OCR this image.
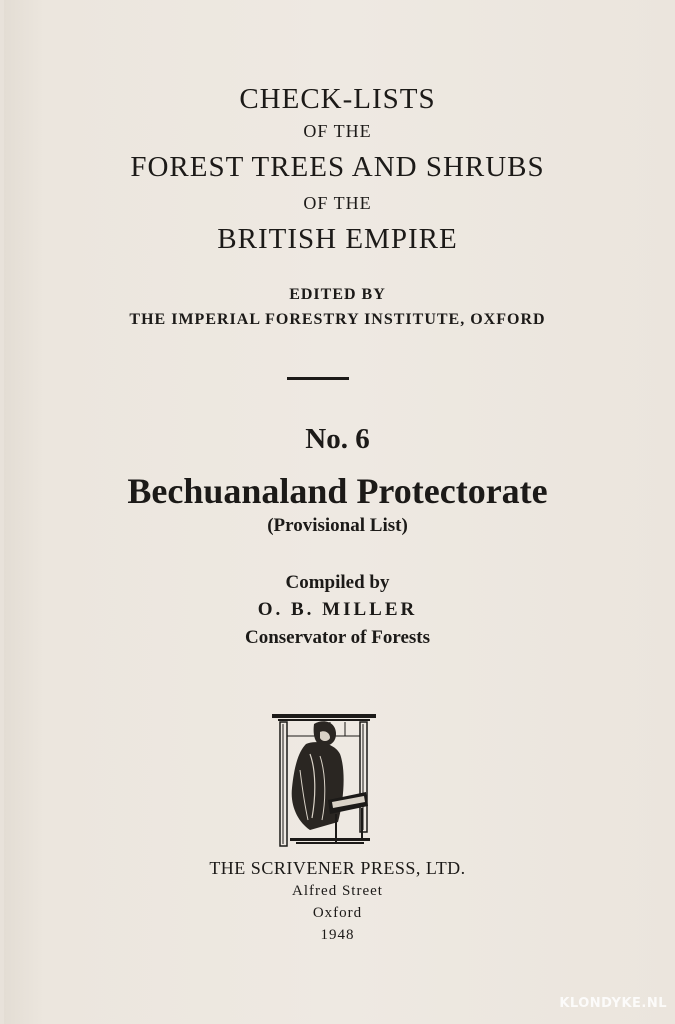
CHECK-LISTS
OF THE
FOREST TREES AND SHRUBS
OF THE
BRITISH EMPIRE
EDITED BY
THE IMPERIAL FORESTRY INSTITUTE, OXFORD
No. 6
Bechuanaland Protectorate
(Provisional List)
Compiled by
O. B. MILLER
Conservator of Forests
THE SCRIVENER PRESS, LTD.
Alfred Street
Oxford
1948
KLONDYKE.NL
